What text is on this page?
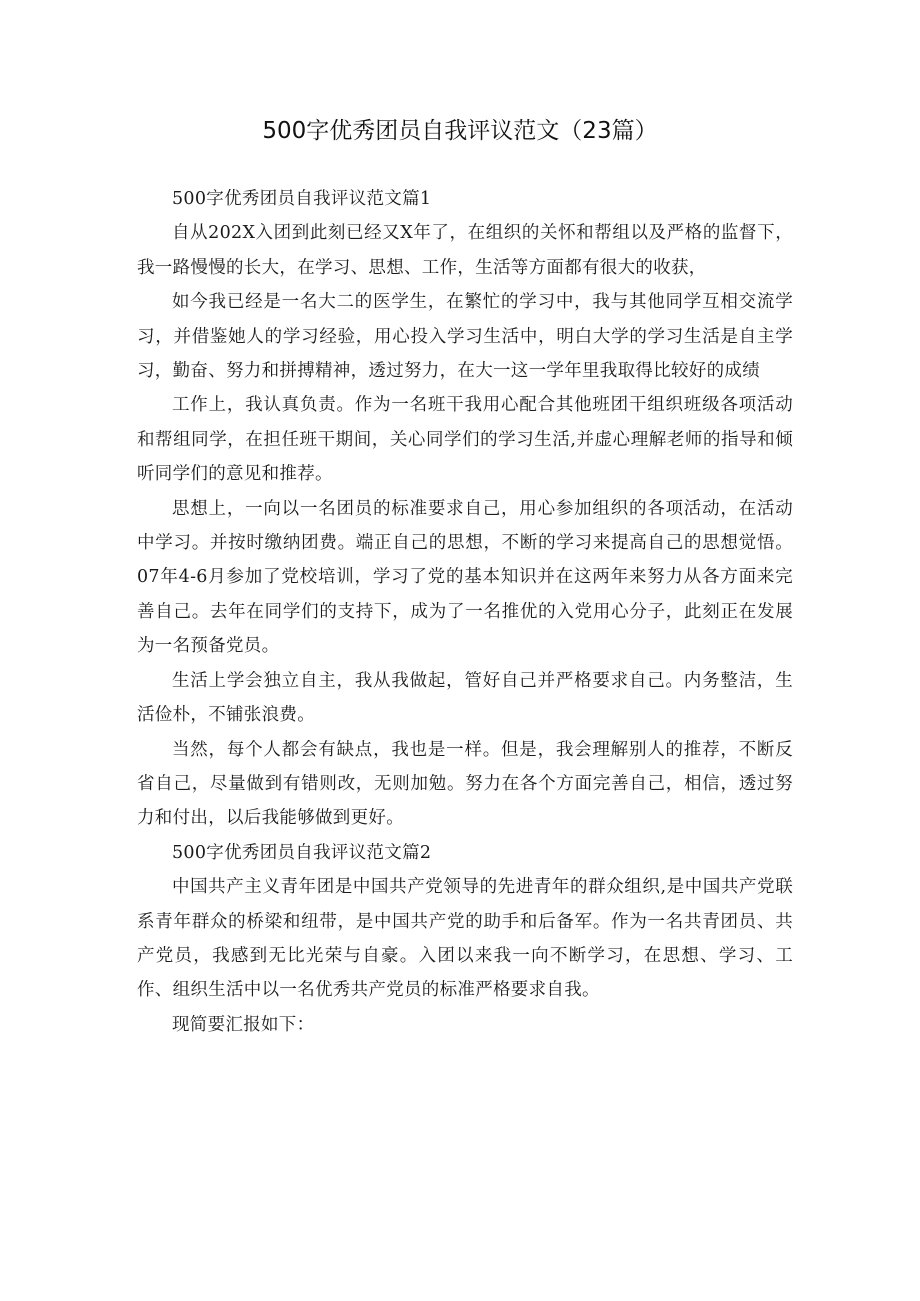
500字优秀团员自我评议范文（23篇）

500字优秀团员自我评议范文篇1

自从202X入团到此刻已经又X年了，在组织的关怀和帮组以及严格的监督下，我一路慢慢的长大，在学习、思想、工作，生活等方面都有很大的收获，

如今我已经是一名大二的医学生，在繁忙的学习中，我与其他同学互相交流学习，并借鉴她人的学习经验，用心投入学习生活中，明白大学的学习生活是自主学习，勤奋、努力和拼搏精神，透过努力，在大一这一学年里我取得比较好的成绩

工作上，我认真负责。作为一名班干我用心配合其他班团干组织班级各项活动和帮组同学，在担任班干期间，关心同学们的学习生活,并虚心理解老师的指导和倾听同学们的意见和推荐。

思想上，一向以一名团员的标准要求自己，用心参加组织的各项活动，在活动中学习。并按时缴纳团费。端正自己的思想，不断的学习来提高自己的思想觉悟。07年4-6月参加了党校培训，学习了党的基本知识并在这两年来努力从各方面来完善自己。去年在同学们的支持下，成为了一名推优的入党用心分子，此刻正在发展为一名预备党员。

生活上学会独立自主，我从我做起，管好自己并严格要求自己。内务整洁，生活俭朴，不铺张浪费。

当然，每个人都会有缺点，我也是一样。但是，我会理解别人的推荐，不断反省自己，尽量做到有错则改，无则加勉。努力在各个方面完善自己，相信，透过努力和付出，以后我能够做到更好。

500字优秀团员自我评议范文篇2

中国共产主义青年团是中国共产党领导的先进青年的群众组织,是中国共产党联系青年群众的桥梁和纽带，是中国共产党的助手和后备军。作为一名共青团员、共产党员，我感到无比光荣与自豪。入团以来我一向不断学习，在思想、学习、工作、组织生活中以一名优秀共产党员的标准严格要求自我。

现简要汇报如下：
